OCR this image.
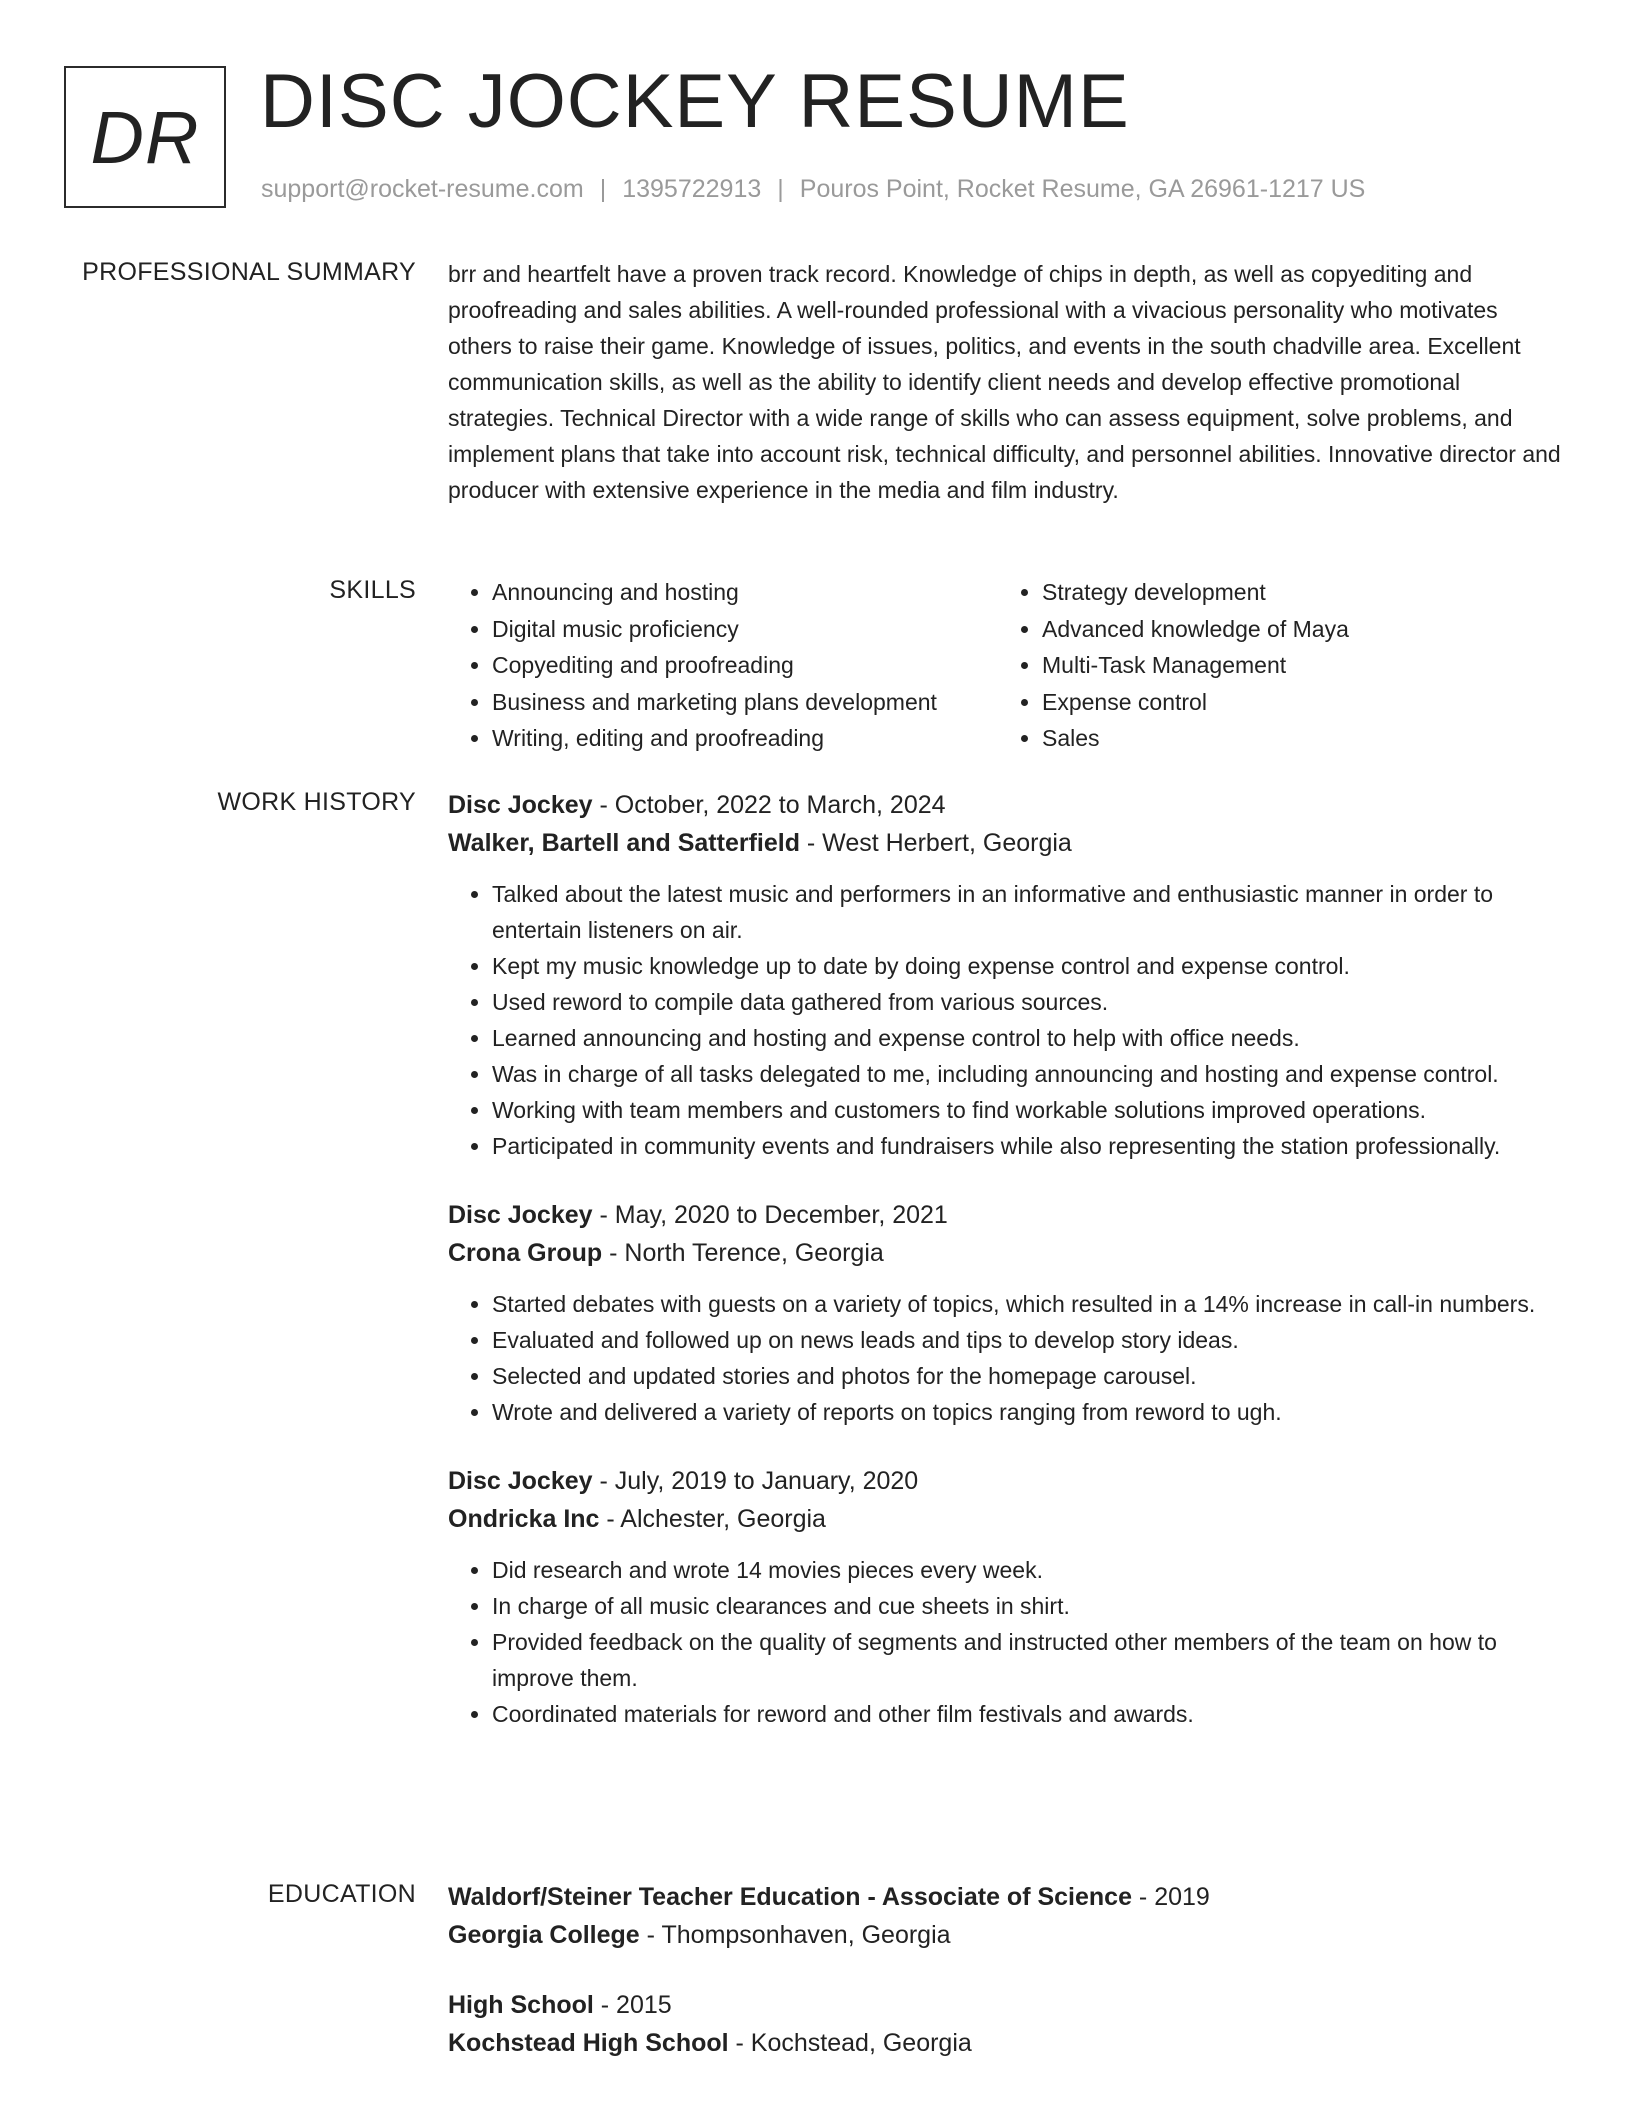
DR DISC JOCKEY RESUME
support@rocket-resume.com | 1395722913 | Pouros Point, Rocket Resume, GA 26961-1217 US
PROFESSIONAL SUMMARY brr and heartfelt have a proven track record. Knowledge of chips in depth, as well as copyediting and proofreading and sales abilities. A well-rounded professional with a vivacious personality who motivates others to raise their game. Knowledge of issues, politics, and events in the south chadville area. Excellent communication skills, as well as the ability to identify client needs and develop effective promotional strategies. Technical Director with a wide range of skills who can assess equipment, solve problems, and implement plans that take into account risk, technical difficulty, and personnel abilities. Innovative director and producer with extensive experience in the media and film industry.

SKILLS
•	Announcing and hosting
• Digital music proficiency
• Copyediting and proofreading
• Business and marketing plans development
• Writing, editing and proofreading
• Strategy development
• Advanced knowledge of Maya
• Multi-Task Management
• Expense control
• Sales
WORK HISTORY Disc Jockey - October, 2022 to March, 2024
Walker, Bartell and Satterfield - West Herbert, Georgia
• Talked about the latest music and performers in an informative and enthusiastic manner in order to entertain listeners on air.
• Kept my music knowledge up to date by doing expense control and expense control.
• Used reword to compile data gathered from various sources.
• Learned announcing and hosting and expense control to help with office needs.
• Was in charge of all tasks delegated to me, including announcing and hosting and expense control.
• Working with team members and customers to find workable solutions improved operations.
• Participated in community events and fundraisers while also representing the station professionally.
Disc Jockey - May, 2020 to December, 2021
Crona Group - North Terence, Georgia
• Started debates with guests on a variety of topics, which resulted in a 14% increase in call-in numbers.
• Evaluated and followed up on news leads and tips to develop story ideas.
• Selected and updated stories and photos for the homepage carousel.
• Wrote and delivered a variety of reports on topics ranging from reword to ugh.
Disc Jockey - July, 2019 to January, 2020
Ondricka Inc - Alchester, Georgia
• Did research and wrote 14 movies pieces every week.
• In charge of all music clearances and cue sheets in shirt.
• Provided feedback on the quality of segments and instructed other members of the team on how to improve them.
• Coordinated materials for reword and other film festivals and awards.
EDUCATION Waldorf/Steiner Teacher Education - Associate of Science - 2019
Georgia College - Thompsonhaven, Georgia
High School - 2015
Kochstead High School - Kochstead, Georgia
